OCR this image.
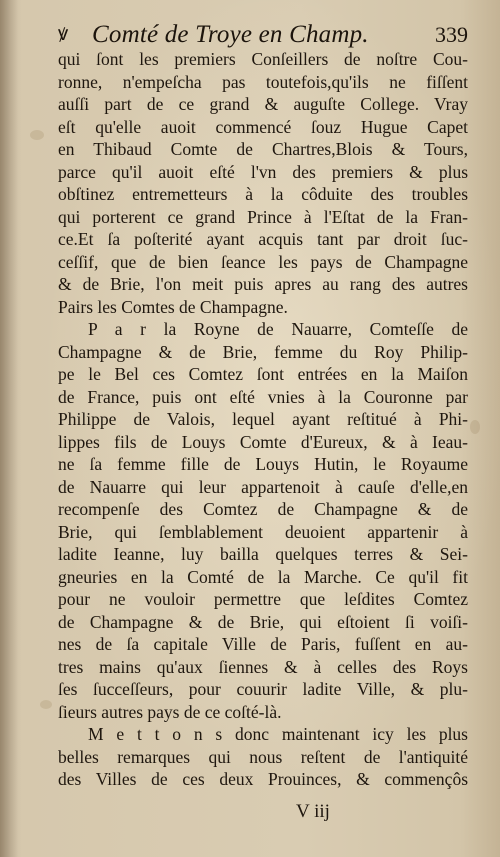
ꝟ Comté de Troye en Champ.	339
qui ſont les premiers Conſeillers de noſtre Cou-
ronne, n'empeſcha pas toutefois,qu'ils ne fiſſent
auſſi part de ce grand & auguſte College. Vray
eſt qu'elle auoit commencé ſouz Hugue Capet
en Thibaud Comte de Chartres,Blois & Tours,
parce qu'il auoit eſté l'vn des premiers & plus
obſtinez entremetteurs à la côduite des troubles
qui porterent ce grand Prince à l'Eſtat de la Fran-
ce.Et ſa poſterité ayant acquis tant par droit ſuc-
ceſſif, que de bien ſeance les pays de Champagne
& de Brie, l'on meit puis apres au rang des autres
Pairs les Comtes de Champagne.
P a r la Royne de Nauarre, Comteſſe de
Champagne & de Brie, femme du Roy Philip-
pe le Bel ces Comtez ſont entrées en la Maiſon
de France, puis ont eſté vnies à la Couronne par
Philippe de Valois, lequel ayant reſtitué à Phi-
lippes fils de Louys Comte d'Eureux, & à Ieau-
ne ſa femme fille de Louys Hutin, le Royaume
de Nauarre qui leur appartenoit à cauſe d'elle,en
recompenſe des Comtez de Champagne & de
Brie, qui ſemblablement deuoient appartenir à
ladite Ieanne, luy bailla quelques terres & Sei-
gneuries en la Comté de la Marche. Ce qu'il fit
pour ne vouloir permettre que leſdites Comtez
de Champagne & de Brie, qui eſtoient ſi voiſi-
nes de ſa capitale Ville de Paris, fuſſent en au-
tres mains qu'aux ſiennes & à celles des Roys
ſes ſucceſſeurs, pour couurir ladite Ville, & plu-
ſieurs autres pays de ce coſté-là.
M e t t o n s donc maintenant icy les plus
belles remarques qui nous reſtent de l'antiquité
des Villes de ces deux Prouinces, & commençôs
V iij
